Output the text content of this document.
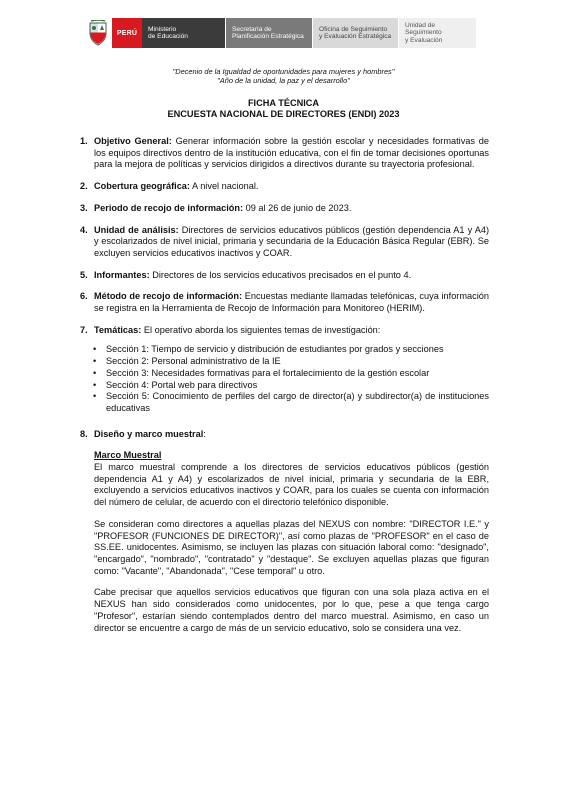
PERÚ
Ministerio
de Educación
Secretaría de
Planificación Estratégica
Oficina de Seguimiento
y Evaluación Estratégica
Unidad de Seguimiento
y Evaluación
"Decenio de la Igualdad de oportunidades para mujeres y hombres"
"Año de la unidad, la paz y el desarrollo"
FICHA TÉCNICA
ENCUESTA NACIONAL DE DIRECTORES (ENDI) 2023
1. Objetivo General: Generar información sobre la gestión escolar y necesidades formativas de los equipos directivos dentro de la institución educativa, con el fin de tomar decisiones oportunas para la mejora de políticas y servicios dirigidos a directivos durante su trayectoria profesional.
2. Cobertura geográfica: A nivel nacional.
3. Periodo de recojo de información: 09 al 26 de junio de 2023.
4. Unidad de análisis: Directores de servicios educativos públicos (gestión dependencia A1 y A4) y escolarizados de nivel inicial, primaria y secundaria de la Educación Básica Regular (EBR). Se excluyen servicios educativos inactivos y COAR.
5. Informantes: Directores de los servicios educativos precisados en el punto 4.
6. Método de recojo de información: Encuestas mediante llamadas telefónicas, cuya información se registra en la Herramienta de Recojo de Información para Monitoreo (HERIM).
7. Temáticas: El operativo aborda los siguientes temas de investigación:
•	Sección 1: Tiempo de servicio y distribución de estudiantes por grados y secciones
•	Sección 2: Personal administrativo de la IE
•	Sección 3: Necesidades formativas para el fortalecimiento de la gestión escolar
•	Sección 4: Portal web para directivos
•	Sección 5: Conocimiento de perfiles del cargo de director(a) y subdirector(a) de instituciones educativas
8. Diseño y marco muestral:
Marco Muestral

El marco muestral comprende a los directores de servicios educativos públicos (gestión dependencia A1 y A4) y escolarizados de nivel inicial, primaria y secundaria de la EBR, excluyendo a servicios educativos inactivos y COAR, para los cuales se cuenta con información del número de celular, de acuerdo con el directorio telefónico disponible.

Se consideran como directores a aquellas plazas del NEXUS con nombre: "DIRECTOR I.E." y "PROFESOR (FUNCIONES DE DIRECTOR)", así como plazas de "PROFESOR" en el caso de SS.EE. unidocentes. Asimismo, se incluyen las plazas con situación laboral como: "designado", "encargado", "nombrado", "contratado" y "destaque". Se excluyen aquellas plazas que figuran como: "Vacante", "Abandonada", "Cese temporal" u otro.

Cabe precisar que aquellos servicios educativos que figuran con una sola plaza activa en el NEXUS han sido considerados como unidocentes, por lo que, pese a que tenga cargo "Profesor", estarían siendo contemplados dentro del marco muestral. Asimismo, en caso un director se encuentre a cargo de más de un servicio educativo, solo se considera una vez.
